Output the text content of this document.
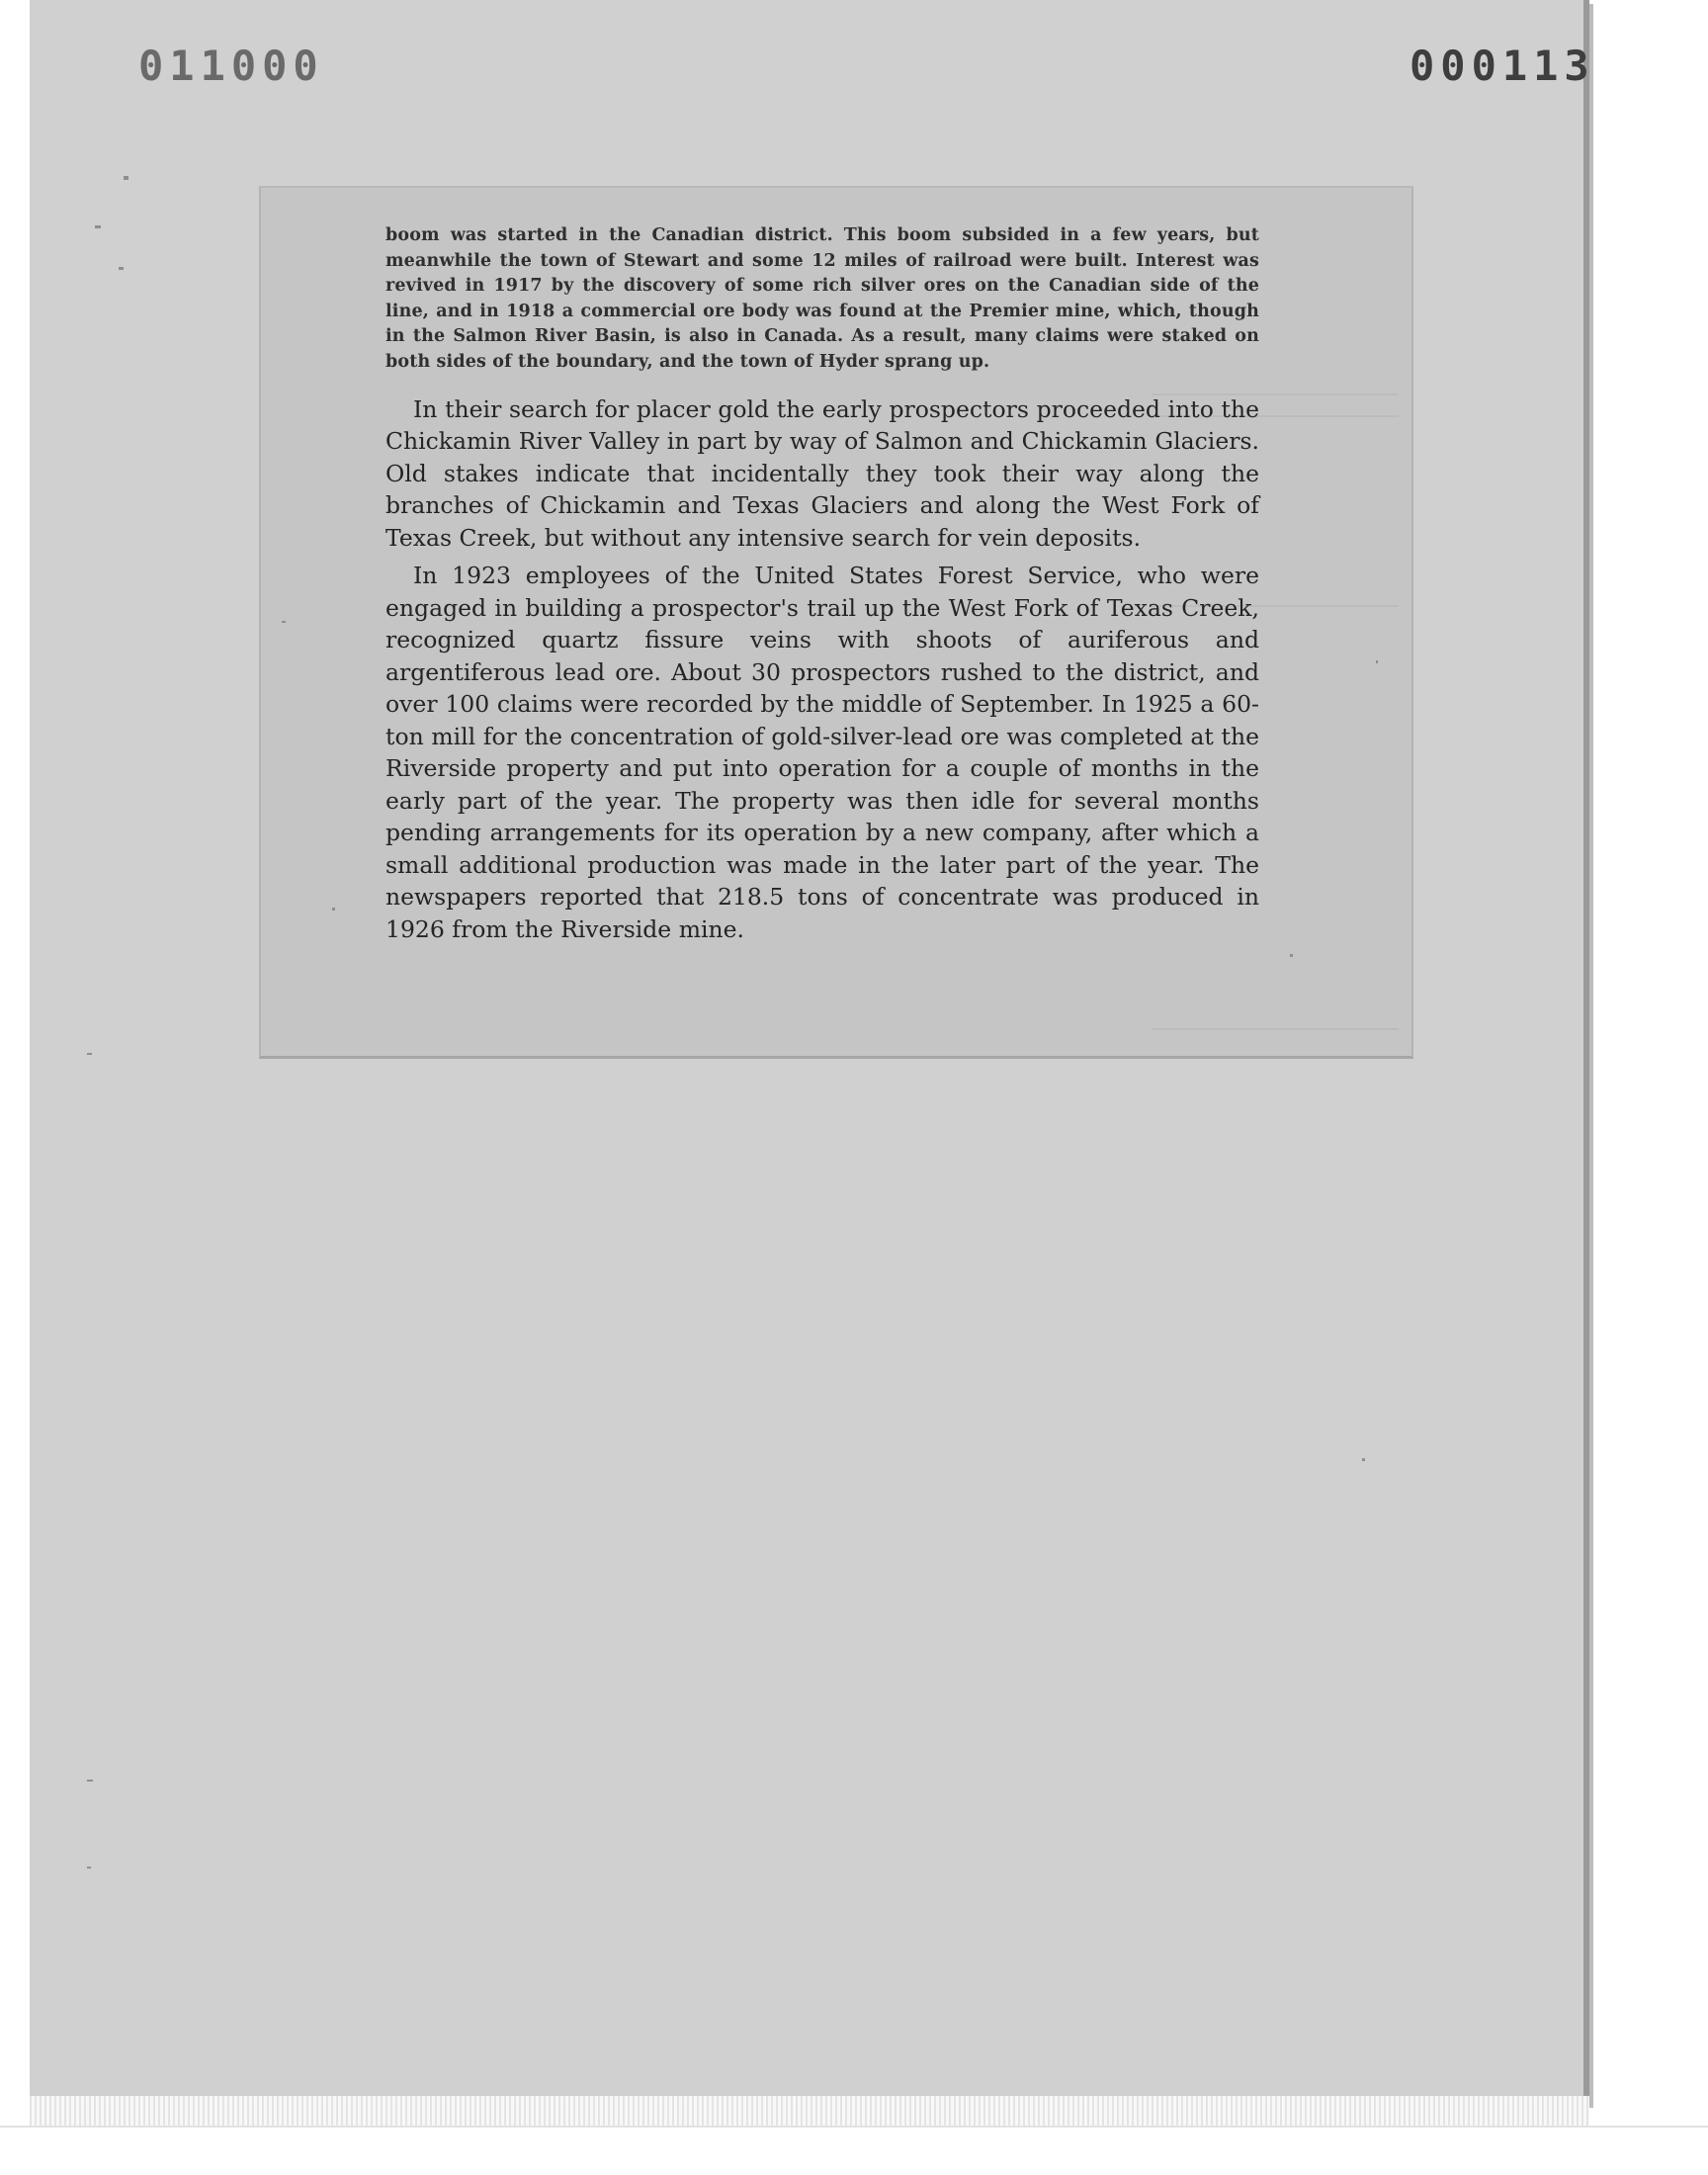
011000	000113

boom was started in the Canadian district. This boom subsided in a few years, but meanwhile the town of Stewart and some 12 miles of railroad were built. Interest was revived in 1917 by the discovery of some rich silver ores on the Canadian side of the line, and in 1918 a commercial ore body was found at the Premier mine, which, though in the Salmon River Basin, is also in Canada. As a result, many claims were staked on both sides of the boundary, and the town of Hyder sprang up.

In their search for placer gold the early prospectors proceeded into the Chickamin River Valley in part by way of Salmon and Chickamin Glaciers. Old stakes indicate that incidentally they took their way along the branches of Chickamin and Texas Glaciers and along the West Fork of Texas Creek, but without any intensive search for vein deposits.

In 1923 employees of the United States Forest Service, who were engaged in building a prospector's trail up the West Fork of Texas Creek, recognized quartz fissure veins with shoots of auriferous and argentiferous lead ore. About 30 prospectors rushed to the district, and over 100 claims were recorded by the middle of September. In 1925 a 60-ton mill for the concentration of gold-silver-lead ore was completed at the Riverside property and put into operation for a couple of months in the early part of the year. The property was then idle for several months pending arrangements for its operation by a new company, after which a small additional production was made in the later part of the year. The newspapers reported that 218.5 tons of concentrate was produced in 1926 from the Riverside mine.
